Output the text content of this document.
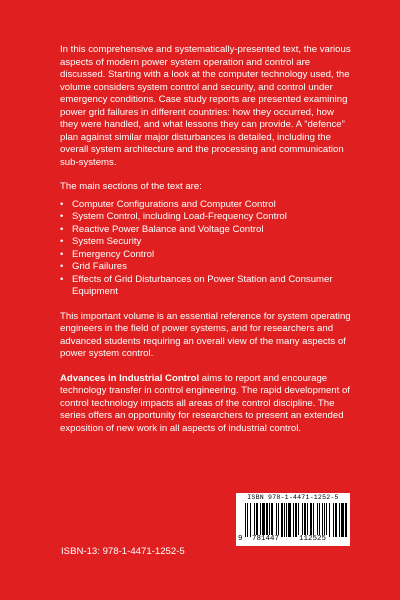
In this comprehensive and systematically-presented text, the various aspects of modern power system operation and control are discussed. Starting with a look at the computer technology used, the volume considers system control and security, and control under emergency conditions. Case study reports are presented examining power grid failures in different countries: how they occurred, how they were handled, and what lessons they can provide. A “defence” plan against similar major disturbances is detailed, including the overall system architecture and the processing and communication sub-systems.

The main sections of the text are:

• Computer Configurations and Computer Control
• System Control, including Load-Frequency Control
• Reactive Power Balance and Voltage Control
• System Security
• Emergency Control
• Grid Failures
• Effects of Grid Disturbances on Power Station and Consumer Equipment

This important volume is an essential reference for system operating engineers in the field of power systems, and for researchers and advanced students requiring an overall view of the many aspects of power system control.

Advances in Industrial Control aims to report and encourage technology transfer in control engineering. The rapid development of control technology impacts all areas of the control discipline. The series offers an opportunity for researchers to present an extended exposition of new work in all aspects of industrial control.

ISBN 978-1-4471-1252-5
9 781447	112525
ISBN-13: 978-1-4471-1252-5
